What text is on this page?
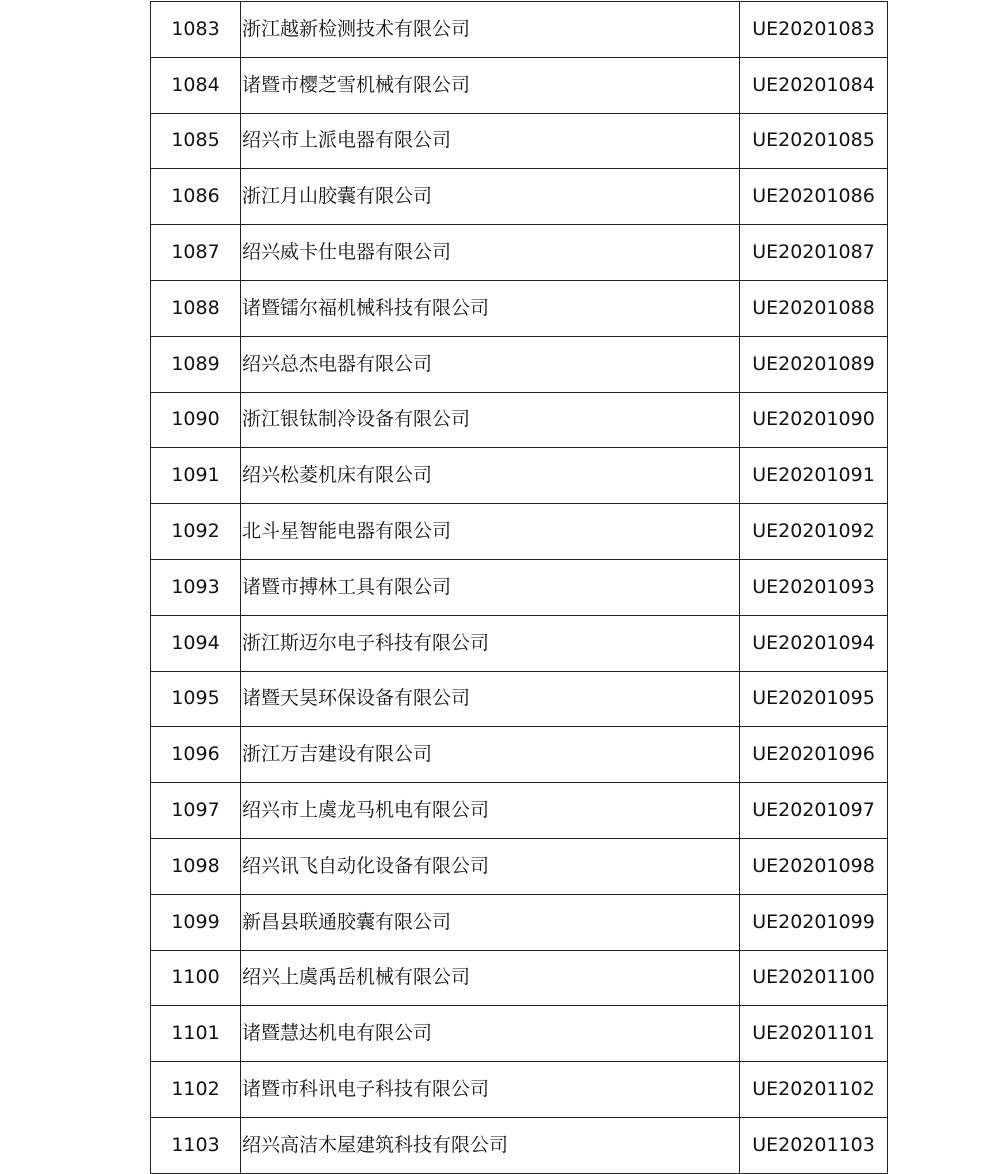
1083	浙江越新检测技术有限公司	UE20201083
1084	诸暨市樱芝雪机械有限公司	UE20201084
1085	绍兴市上派电器有限公司	UE20201085
1086	浙江月山胶囊有限公司	UE20201086
1087	绍兴威卡仕电器有限公司	UE20201087
1088	诸暨镭尔福机械科技有限公司	UE20201088
1089	绍兴总杰电器有限公司	UE20201089
1090	浙江银钛制冷设备有限公司	UE20201090
1091	绍兴松菱机床有限公司	UE20201091
1092	北斗星智能电器有限公司	UE20201092
1093	诸暨市搏林工具有限公司	UE20201093
1094	浙江斯迈尔电子科技有限公司	UE20201094
1095	诸暨天昊环保设备有限公司	UE20201095
1096	浙江万吉建设有限公司	UE20201096
1097	绍兴市上虞龙马机电有限公司	UE20201097
1098	绍兴讯飞自动化设备有限公司	UE20201098
1099	新昌县联通胶囊有限公司	UE20201099
1100	绍兴上虞禹岳机械有限公司	UE20201100
1101	诸暨慧达机电有限公司	UE20201101
1102	诸暨市科讯电子科技有限公司	UE20201102
1103	绍兴高洁木屋建筑科技有限公司	UE20201103
